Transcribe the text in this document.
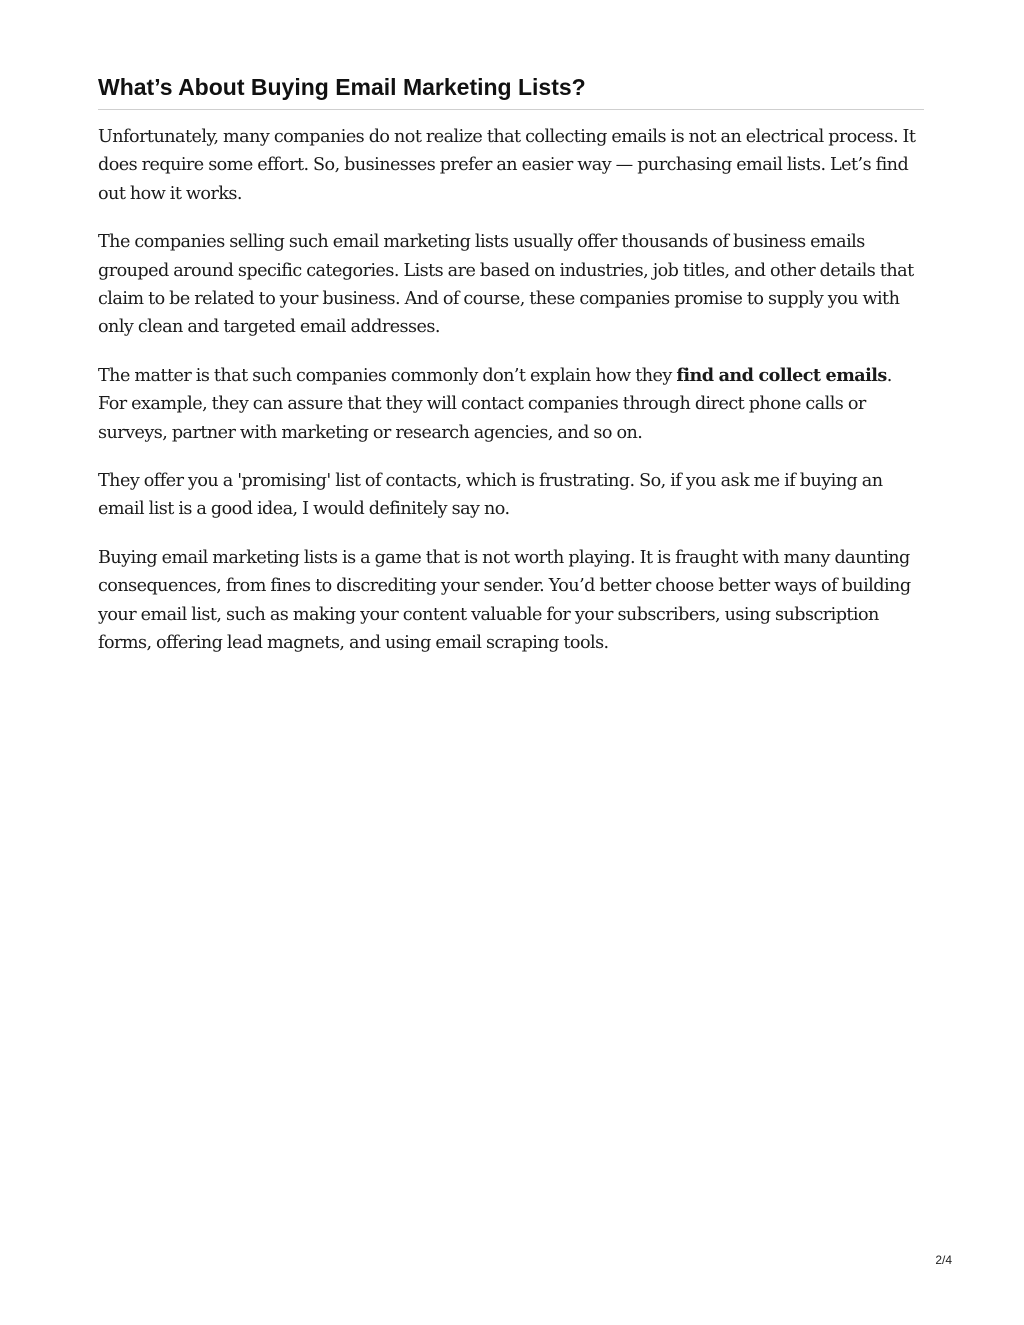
What’s About Buying Email Marketing Lists?

Unfortunately, many companies do not realize that collecting emails is not an electrical process. It does require some effort. So, businesses prefer an easier way — purchasing email lists. Let’s find out how it works.

The companies selling such email marketing lists usually offer thousands of business emails grouped around specific categories. Lists are based on industries, job titles, and other details that claim to be related to your business. And of course, these companies promise to supply you with only clean and targeted email addresses.

The matter is that such companies commonly don’t explain how they find and collect emails. For example, they can assure that they will contact companies through direct phone calls or surveys, partner with marketing or research agencies, and so on.

They offer you a 'promising' list of contacts, which is frustrating. So, if you ask me if buying an email list is a good idea, I would definitely say no.

Buying email marketing lists is a game that is not worth playing. It is fraught with many daunting consequences, from fines to discrediting your sender. You’d better choose better ways of building your email list, such as making your content valuable for your subscribers, using subscription forms, offering lead magnets, and using email scraping tools.

2/4
